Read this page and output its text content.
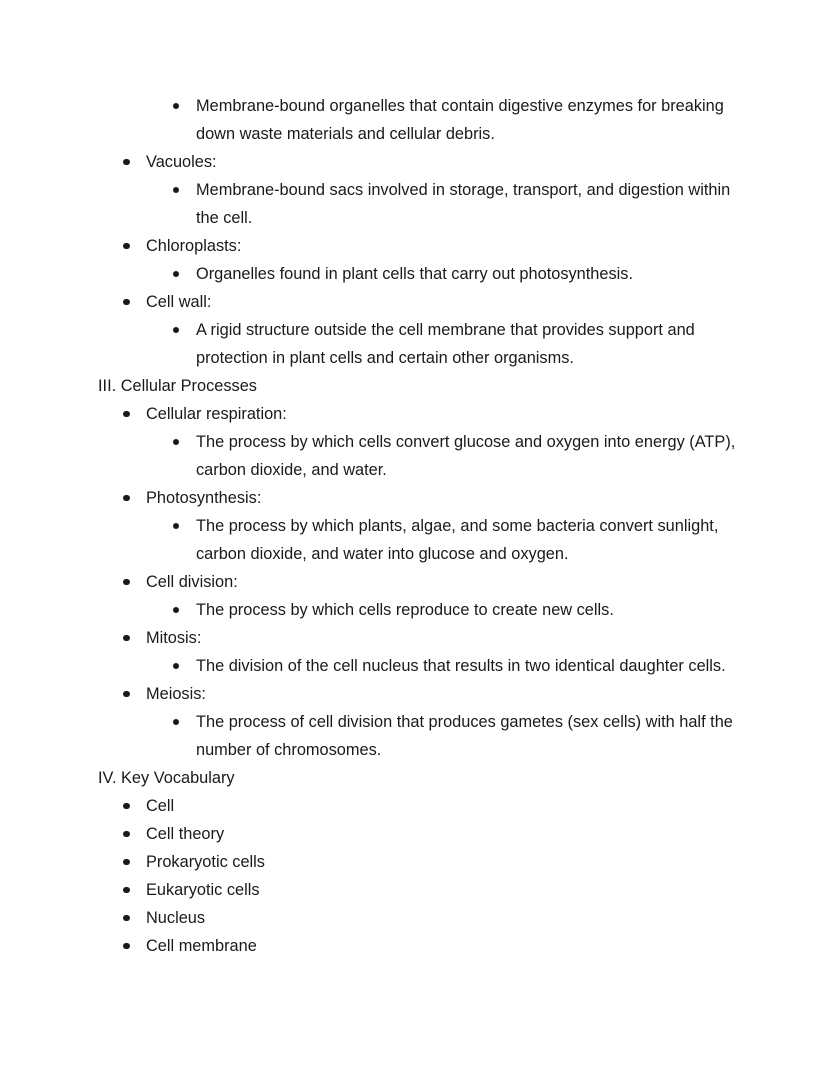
Membrane-bound organelles that contain digestive enzymes for breaking down waste materials and cellular debris.
Vacuoles:
Membrane-bound sacs involved in storage, transport, and digestion within the cell.
Chloroplasts:
Organelles found in plant cells that carry out photosynthesis.
Cell wall:
A rigid structure outside the cell membrane that provides support and protection in plant cells and certain other organisms.
III. Cellular Processes
Cellular respiration:
The process by which cells convert glucose and oxygen into energy (ATP), carbon dioxide, and water.
Photosynthesis:
The process by which plants, algae, and some bacteria convert sunlight, carbon dioxide, and water into glucose and oxygen.
Cell division:
The process by which cells reproduce to create new cells.
Mitosis:
The division of the cell nucleus that results in two identical daughter cells.
Meiosis:
The process of cell division that produces gametes (sex cells) with half the number of chromosomes.
IV. Key Vocabulary
Cell
Cell theory
Prokaryotic cells
Eukaryotic cells
Nucleus
Cell membrane
